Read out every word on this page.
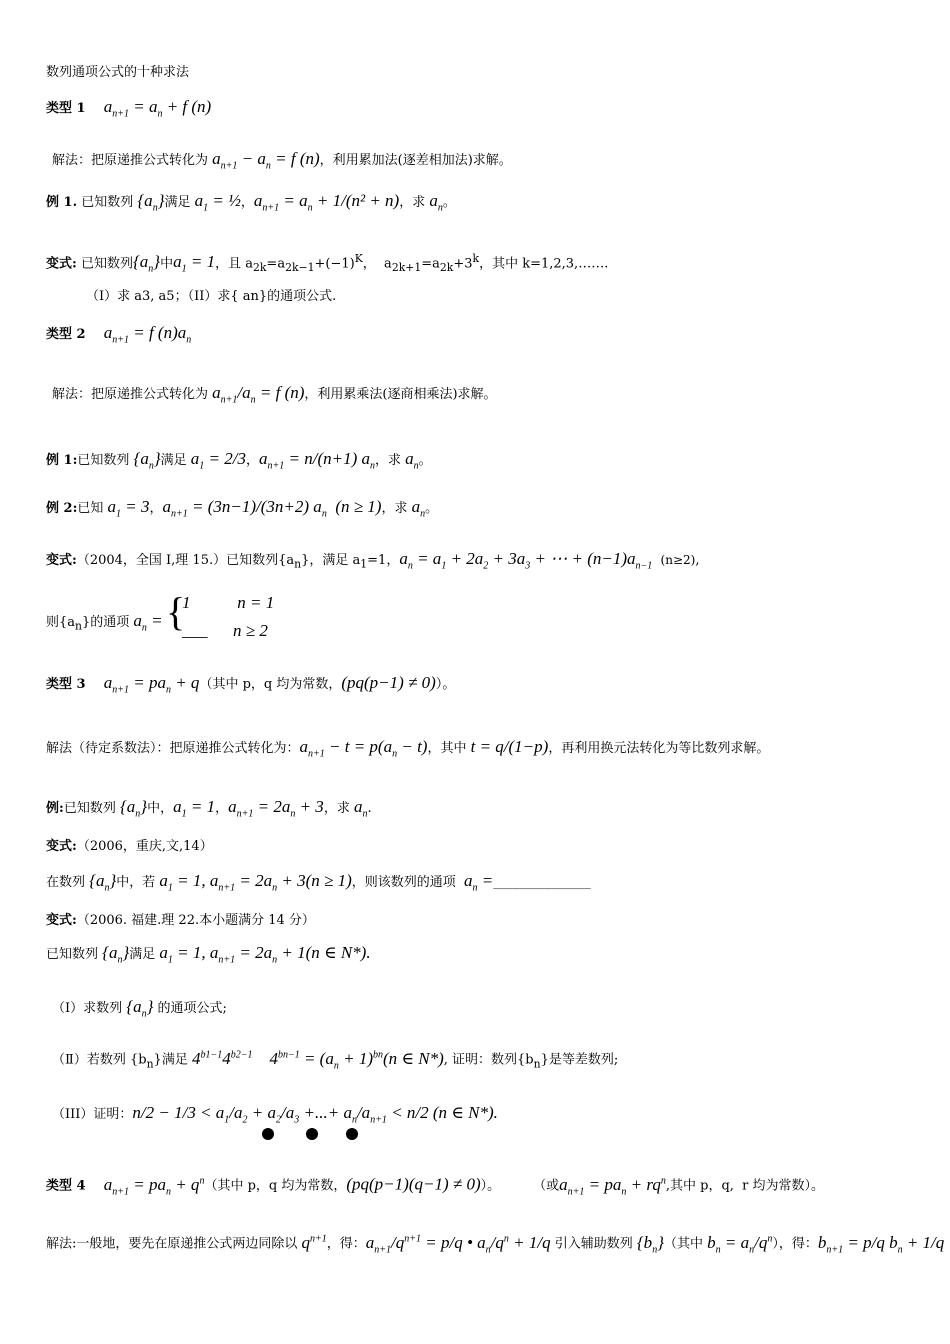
数列通项公式的十种求法
类型 1 $a_{n+1} = a_n + f$ (n)
解法：把原递推公式转化为 $a_{n+1} - a_n = f$ (n)，利用累加法(逐差相加法)求解。
例 1. 已知数列 $\{a_n\}$满足 $a_1$ = ½，$a_{n+1} = a_n + 1/(n^2 + n)$，求 $a_n$。
变式: 已知数列$\{a_n\}$中$a_1 = 1$，且 $a_{2k}=a_{2k-1}+(-1)^K$，  $a_{2k+1}=a_{2k}+3^k$，其中 k=1,2,3,…….
（I）求 a3, a5；（II）求{ an}的通项公式.
类型 2 $a_{n+1} = f$ $(n)a_n$
解法：把原递推公式转化为 $a_{n+1}/a_n = f$ (n)，利用累乘法(逐商相乘法)求解。
例 1:已知数列 $\{a_n\}$满足 $a_1 = 2/3$，$a_{n+1} = n/(n+1)$ $a_n$，求 $a_n$。
例 2:已知 $a_1 = 3$，$a_{n+1} = (3n-1)/(3n+2)$ $a_n$  (n ≥ 1)，求 $a_n$。
变式:（2004，全国 I,理 15.）已知数列$\{a_n\}$，满足 $a_1=1$，$a_n = a_1 + 2a_2 + 3a_3$ + ⋯ + $(n-1)a_{n-1}$ (n≥2),
则$\{a_n\}$的通项 $a_n$ = {
1           n = 1
___      n ≥ 2
类型 3 $a_{n+1} = pa_n + q$（其中 p，q 均为常数，(pq(p−1) ≠ 0)）。
解法（待定系数法）：把原递推公式转化为：$a_{n+1} - t = p(a_n - t)$，其中 t = q/(1−p)，再利用换元法转化为等比数列求解。
例:已知数列 $\{a_n\}$中，$a_1 = 1$，$a_{n+1} = 2a_n + 3$，求 $a_n$.
变式:（2006，重庆,文,14）
在数列 $\{a_n\}$中，若 $a_1 = 1$, $a_{n+1} = 2a_n + 3(n \ge 1)$，则该数列的通项  $a_n$ =_______________
变式:（2006. 福建.理 22.本小题满分 14 分）
已知数列 $\{a_n\}$满足 $a_1 = 1$, $a_{n+1} = 2a_n + 1(n$ ∈ N*).
（I）求数列 $\{a_n\}$ 的通项公式;
（Ⅱ）若数列 $\{b_n\}$满足 $4^{b1-1}4^{b2-1}$    $4^{bn-1} = (a_n + 1)^{bn}(n$ ∈ N*), 证明：数列$\{b_n\}$是等差数列;
（III）证明：$n/2 - 1/3 < a_1/a_2 + a_2/a_3$ +...+ $a_n/a_{n+1} < n/2$ (n ∈ N*).

类型 4 $a_{n+1} = pa_n + q^n$（其中 p，q 均为常数，(pq(p−1)(q−1) ≠ 0)）。        （或$a_{n+1} = pa_n + rq^n$,其中 p，q,  r 均为常数）。
解法:一般地，要先在原递推公式两边同除以 $q^{n+1}$，得：$a_{n+1}/q^{n+1} = p/q$ • $a_n/q^n + 1/q$ 引入辅助数列 $\{b_n\}$（其中 $b_n = a_n/q^n$），得：$b_{n+1} = p/q$ $b_n + 1/q$
